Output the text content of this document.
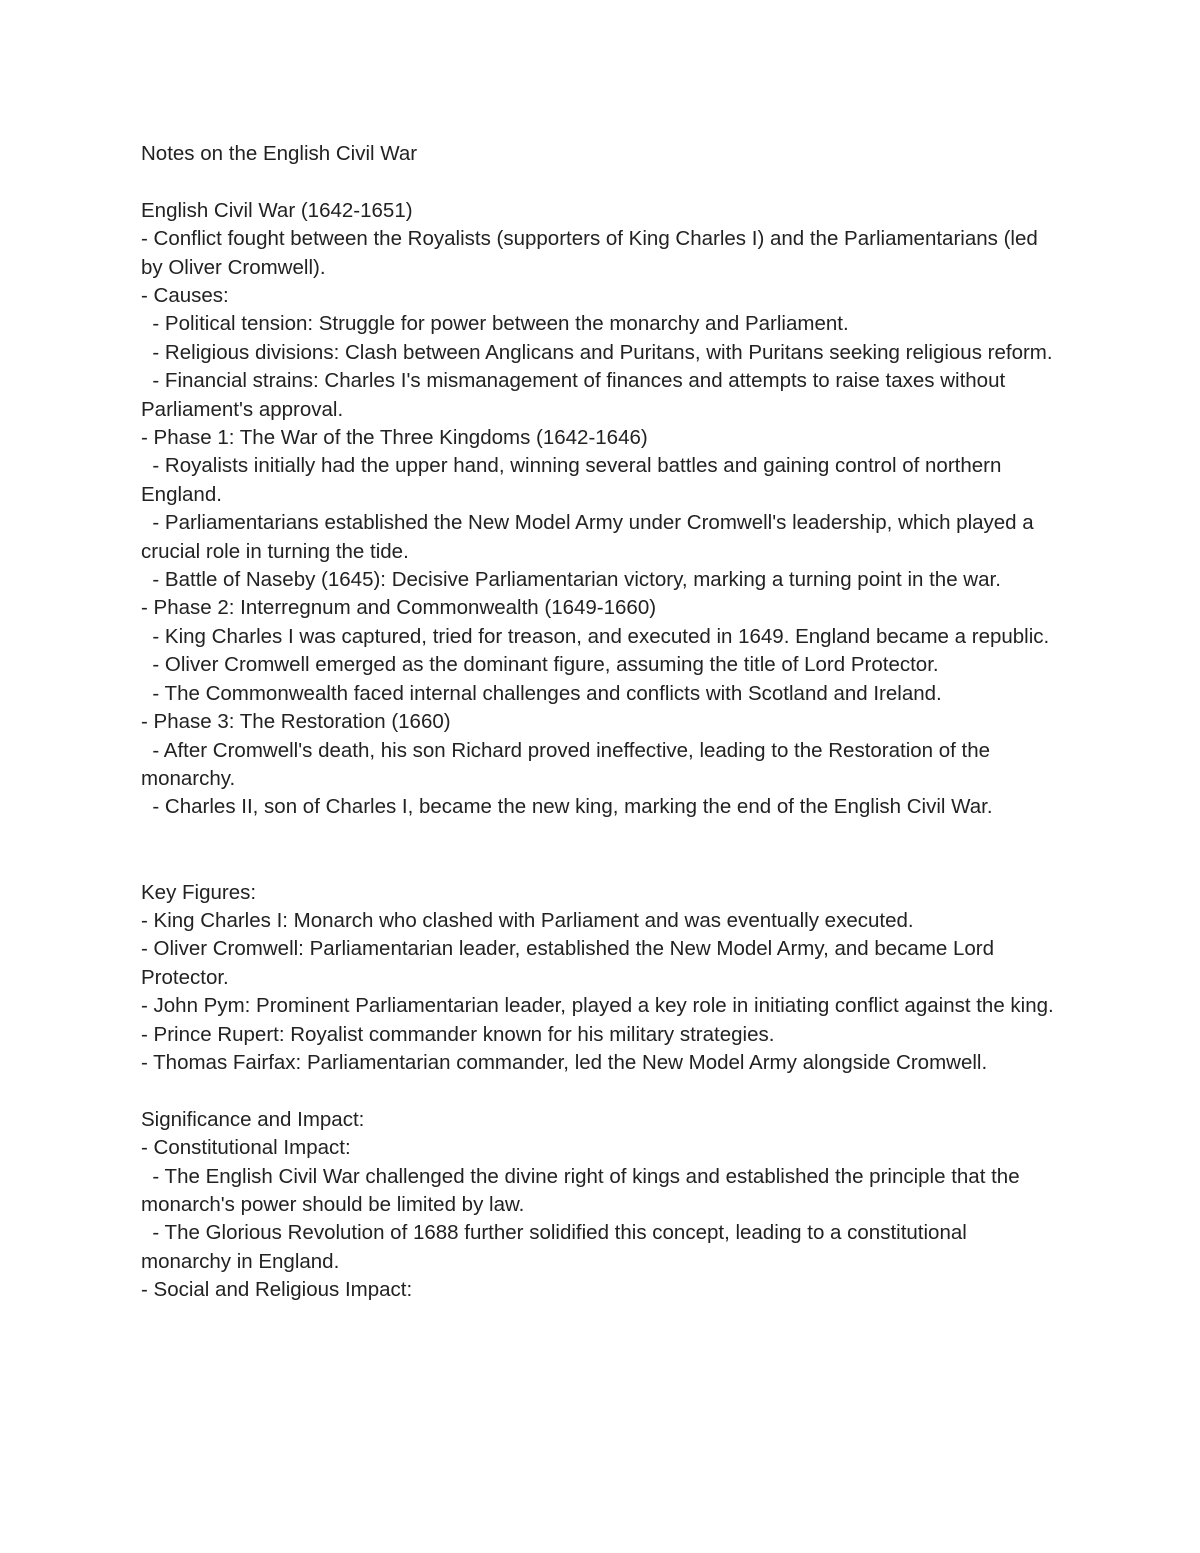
Notes on the English Civil War

English Civil War (1642-1651)

- Conflict fought between the Royalists (supporters of King Charles I) and the Parliamentarians (led by Oliver Cromwell).

- Causes:

- Political tension: Struggle for power between the monarchy and Parliament.

- Religious divisions: Clash between Anglicans and Puritans, with Puritans seeking religious reform.

- Financial strains: Charles I's mismanagement of finances and attempts to raise taxes without Parliament's approval.

- Phase 1: The War of the Three Kingdoms (1642-1646)

- Royalists initially had the upper hand, winning several battles and gaining control of northern England.

- Parliamentarians established the New Model Army under Cromwell's leadership, which played a crucial role in turning the tide.

- Battle of Naseby (1645): Decisive Parliamentarian victory, marking a turning point in the war.

- Phase 2: Interregnum and Commonwealth (1649-1660)

- King Charles I was captured, tried for treason, and executed in 1649. England became a republic.

- Oliver Cromwell emerged as the dominant figure, assuming the title of Lord Protector.

- The Commonwealth faced internal challenges and conflicts with Scotland and Ireland.

- Phase 3: The Restoration (1660)

- After Cromwell's death, his son Richard proved ineffective, leading to the Restoration of the monarchy.

- Charles II, son of Charles I, became the new king, marking the end of the English Civil War.

Key Figures:

- King Charles I: Monarch who clashed with Parliament and was eventually executed.

- Oliver Cromwell: Parliamentarian leader, established the New Model Army, and became Lord Protector.

- John Pym: Prominent Parliamentarian leader, played a key role in initiating conflict against the king.

- Prince Rupert: Royalist commander known for his military strategies.

- Thomas Fairfax: Parliamentarian commander, led the New Model Army alongside Cromwell.

Significance and Impact:

- Constitutional Impact:

- The English Civil War challenged the divine right of kings and established the principle that the monarch's power should be limited by law.

- The Glorious Revolution of 1688 further solidified this concept, leading to a constitutional monarchy in England.

- Social and Religious Impact:
